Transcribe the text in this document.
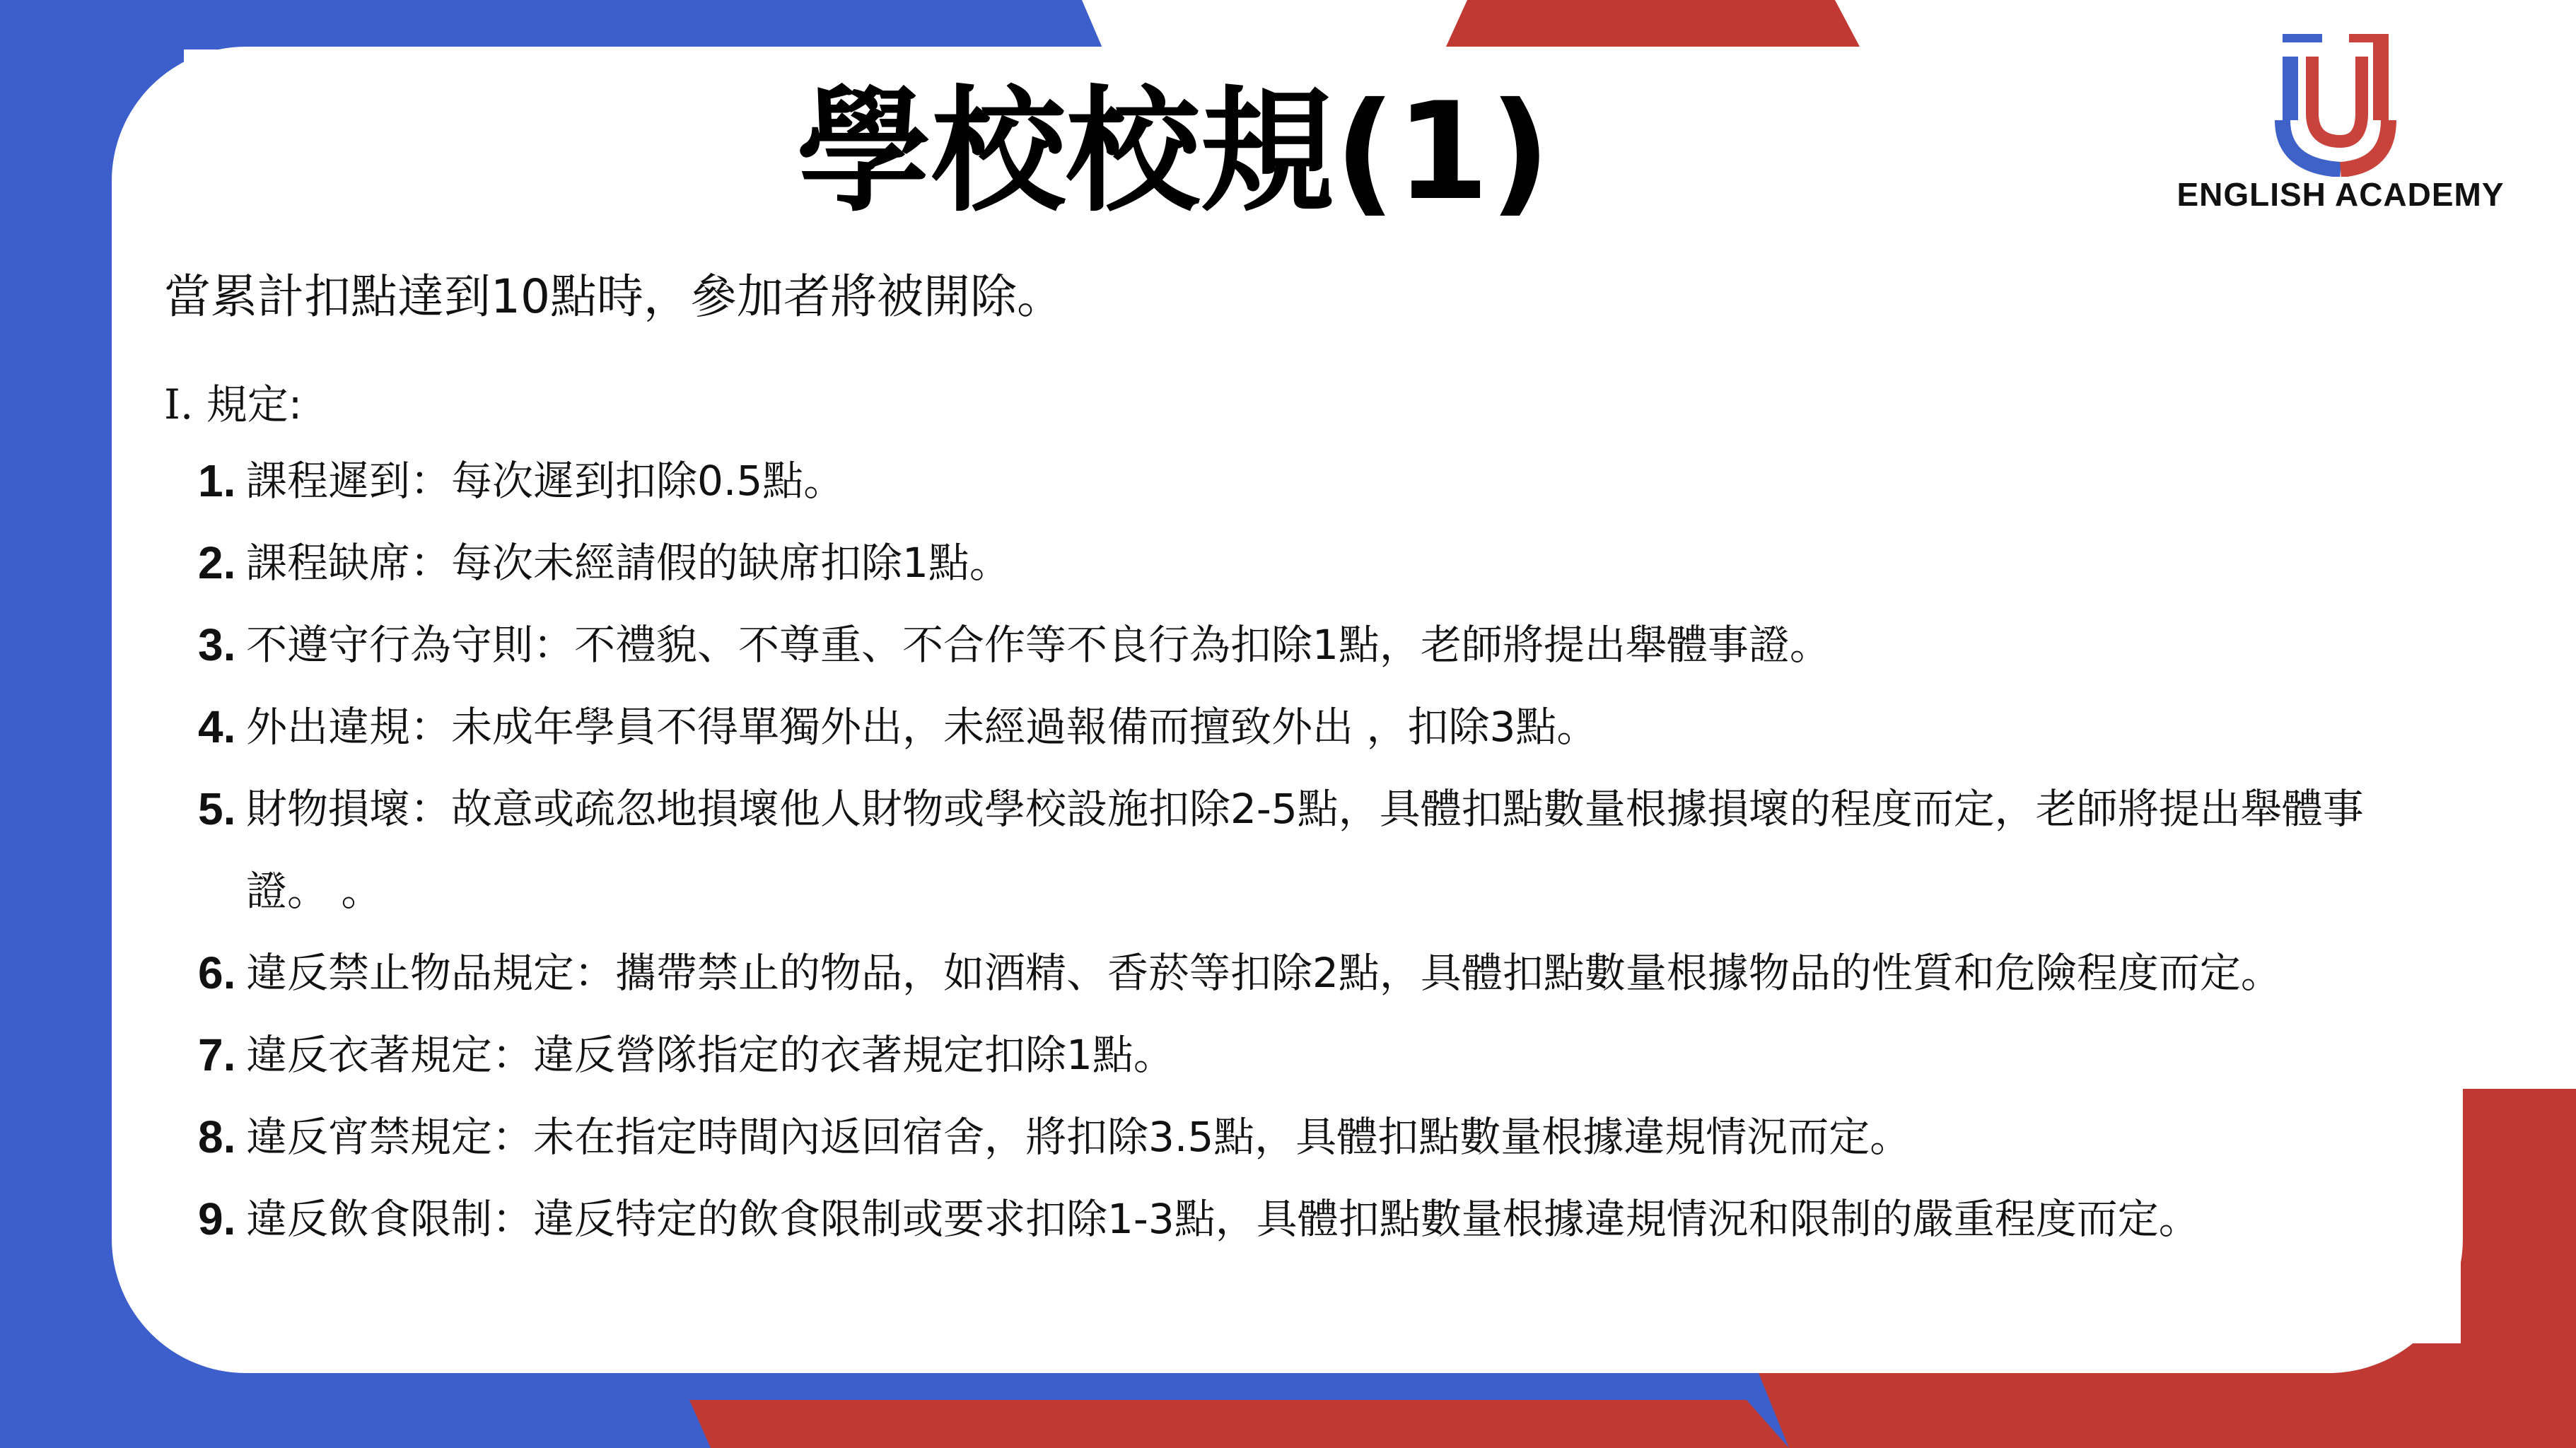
ENGLISH ACADEMY
學校校規(1)
當累計扣點達到10點時，參加者將被開除。
I. 規定:
1. 課程遲到：每次遲到扣除0.5點。
2. 課程缺席：每次未經請假的缺席扣除1點。
3. 不遵守行為守則：不禮貌、不尊重、不合作等不良行為扣除1點，老師將提出舉體事證。
4. 外出違規：未成年學員不得單獨外出，未經過報備而擅致外出 ，扣除3點。
5. 財物損壞：故意或疏忽地損壞他人財物或學校設施扣除2-5點，具體扣點數量根據損壞的程度而定，老師將提出舉體事證。 。
6. 違反禁止物品規定：攜帶禁止的物品，如酒精、香菸等扣除2點，具體扣點數量根據物品的性質和危險程度而定。
7. 違反衣著規定：違反營隊指定的衣著規定扣除1點。
8. 違反宵禁規定：未在指定時間內返回宿舍，將扣除3.5點，具體扣點數量根據違規情況而定。
9. 違反飲食限制：違反特定的飲食限制或要求扣除1-3點，具體扣點數量根據違規情況和限制的嚴重程度而定。
